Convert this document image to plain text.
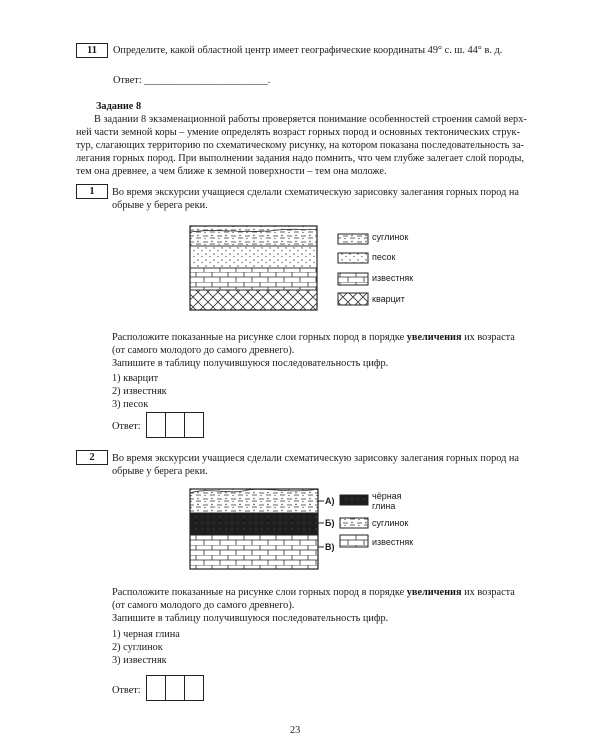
11	Определите, какой областной центр имеет географические координаты 49° с. ш. 44° в. д.
Ответ: ________________________.
Задание 8
В задании 8 экзаменационной работы проверяется понимание особенностей строения самой верх-
ней части земной коры – умение определять возраст горных пород и основных тектонических струк-
тур, слагающих территорию по схематическому рисунку, на котором показана последовательность за-
легания горных пород. При выполнении задания надо помнить, что чем глубже залегает слой породы,
тем она древнее, а чем ближе к земной поверхности – тем она моложе.
1	Во время экскурсии учащиеся сделали схематическую зарисовку залегания горных пород на
обрыве у берега реки.
суглинок
песок
известняк
кварцит
Расположите показанные на рисунке слои горных пород в порядке увеличения их возраста
(от самого молодого до самого древнего).
Запишите в таблицу получившуюся последовательность цифр.
1) кварцит
2) известняк
3) песок
Ответ:
2	Во время экскурсии учащиеся сделали схематическую зарисовку залегания горных пород на
обрыве у берега реки.
А)
Б)
В)
чёрная
глина
суглинок
известняк
Расположите показанные на рисунке слои горных пород в порядке увеличения их возраста
(от самого молодого до самого древнего).
Запишите в таблицу получившуюся последовательность цифр.
1) черная глина
2) суглинок
3) известняк
Ответ:
23
